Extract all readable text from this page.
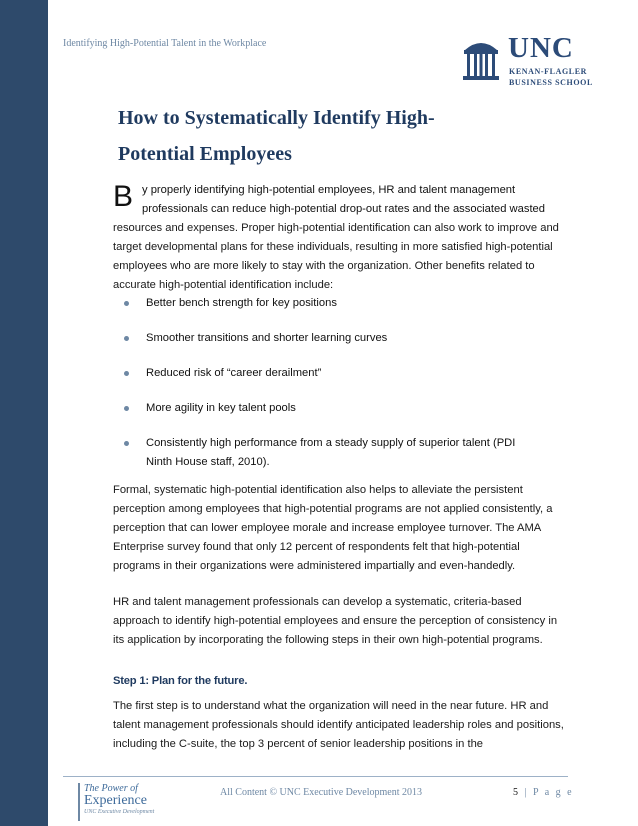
Identifying High-Potential Talent in the Workplace	UNC
KENAN-FLAGLER
BUSINESS SCHOOL
How to Systematically Identify High-
Potential Employees
B y properly identifying high-potential employees, HR and talent management
professionals can reduce high-potential drop-out rates and the associated wasted
resources and expenses. Proper high-potential identification can also work to improve and target developmental plans for these individuals, resulting in more satisfied high-potential employees who are more likely to stay with the organization. Other benefits related to accurate high-potential identification include:
Better bench strength for key positions
Smoother transitions and shorter learning curves
Reduced risk of “career derailment”
More agility in key talent pools
Consistently high performance from a steady supply of superior talent (PDI Ninth House staff, 2010).
Formal, systematic high-potential identification also helps to alleviate the persistent perception among employees that high-potential programs are not applied consistently, a perception that can lower employee morale and increase employee turnover. The AMA Enterprise survey found that only 12 percent of respondents felt that high-potential programs in their organizations were administered impartially and even-handedly.
HR and talent management professionals can develop a systematic, criteria-based approach to identify high-potential employees and ensure the perception of consistency in its application by incorporating the following steps in their own high-potential programs.
Step 1: Plan for the future.
The first step is to understand what the organization will need in the near future. HR and talent management professionals should identify anticipated leadership roles and positions, including the C-suite, the top 3 percent of senior leadership positions in the
The Power of
Experience
UNC Executive Development
All Content © UNC Executive Development 2013	5 | P a g e
